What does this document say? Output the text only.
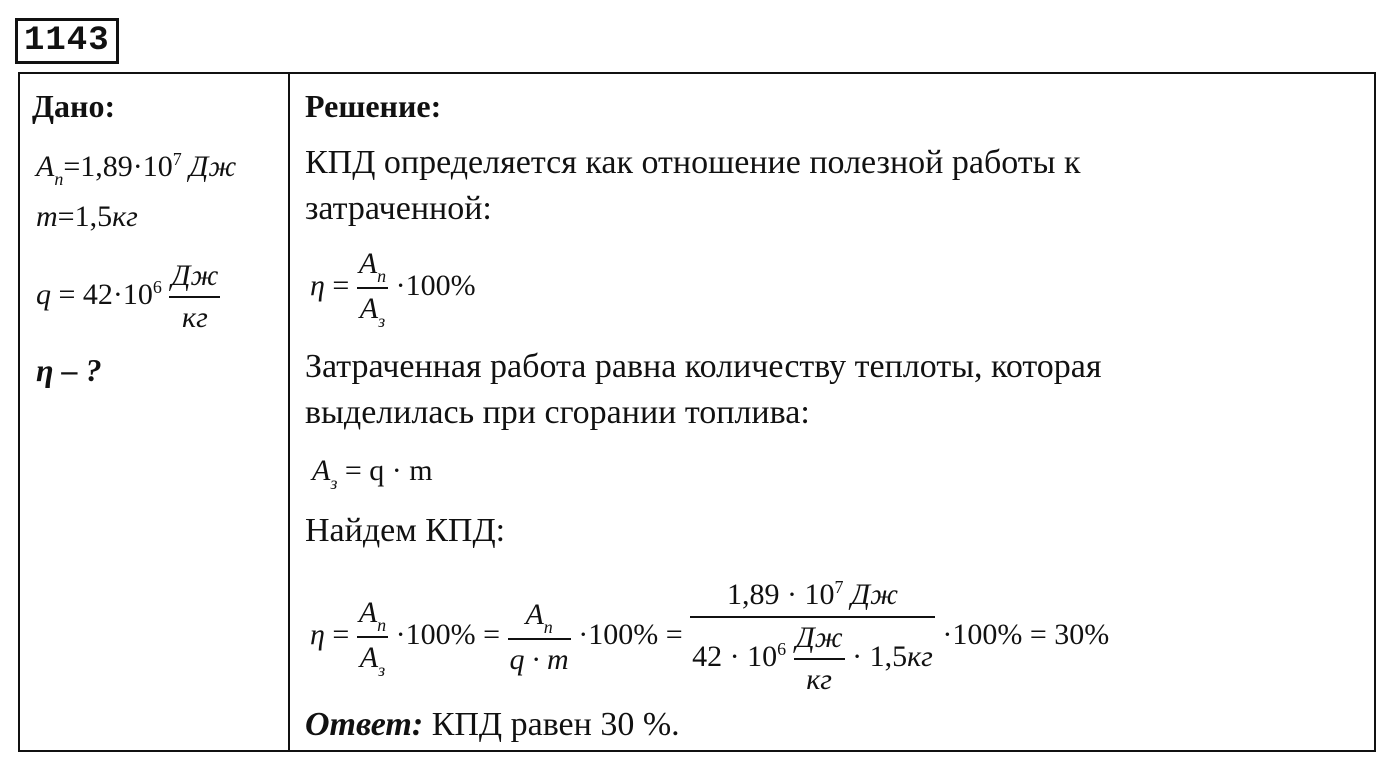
1143
Дано:
$A_п=1,89\cdot 10^7$ Дж
m=1,5кг
$q = 42\cdot 10^6 \frac{Дж}{кг}$
η – ?
Решение:
КПД определяется как отношение полезной работы к
затраченной:
$\eta = \frac{A_п}{A_з} \cdot 100\%$
Затраченная работа равна количеству теплоты, которая
выделилась при сгорании топлива:
$A_з = q \cdot m$
Найдем КПД:
$\eta = \frac{A_п}{A_з} \cdot 100\% = \frac{A_п}{q \cdot m} \cdot 100\% = \frac{1,89 \cdot 10^7 Дж}{42 \cdot 10^6 \frac{Дж}{кг} \cdot 1,5кг} \cdot 100\% = 30\%$
Ответ: КПД равен 30 %.
